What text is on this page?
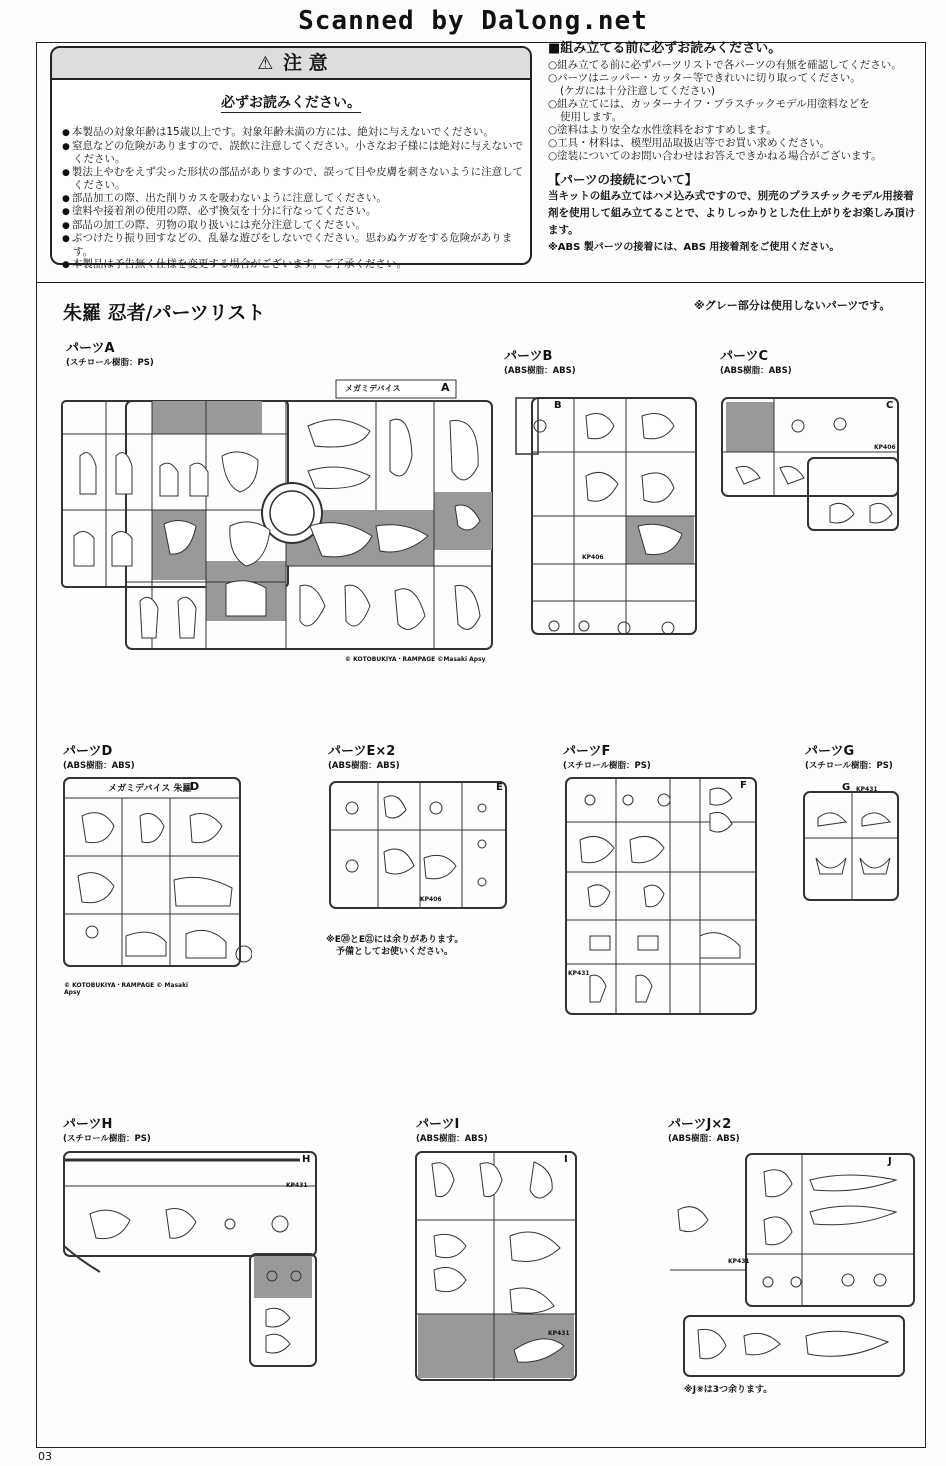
Scanned by Dalong.net
⚠ 注 意
必ずお読みください。
● 本製品の対象年齢は15歳以上です。対象年齢未満の方には、絶対に与えないでください。
● 窒息などの危険がありますので、誤飲に注意してください。小さなお子様には絶対に与えないでください。
● 製法上やむをえず尖った形状の部品がありますので、誤って目や皮膚を刺さないように注意してください。
● 部品加工の際、出た削りカスを吸わないように注意してください。
● 塗料や接着剤の使用の際、必ず換気を十分に行なってください。
● 部品の加工の際、刃物の取り扱いには充分注意してください。
● ぶつけたり振り回すなどの、乱暴な遊びをしないでください。思わぬケガをする危険があります。
● 本製品は予告無く仕様を変更する場合がございます。ご了承ください。
■組み立てる前に必ずお読みください。
○ 組み立てる前に必ずパーツリストで各パーツの有無を確認してください。
○ パーツはニッパー・カッター等できれいに切り取ってください。
(ケガには十分注意してください)
○ 組み立てには、カッターナイフ・プラスチックモデル用塗料などを
使用します。
○ 塗料はより安全な水性塗料をおすすめします。
○ 工具・材料は、模型用品取扱店等でお買い求めください。
○ 塗装についてのお問い合わせはお答えできかねる場合がございます。
【パーツの接続について】
当キットの組み立てはハメ込み式ですので、別売のプラスチックモデル用接着剤を使用して組み立てることで、よりしっかりとした仕上がりをお楽しみ頂けます。
※ABS 製パーツの接着には、ABS 用接着剤をご使用ください。
朱羅 忍者/パーツリスト	※グレー部分は使用しないパーツです。
パーツA
(スチロール樹脂：PS)	パーツB
(ABS樹脂：ABS)
パーツC
(ABS樹脂：ABS)
パーツD
(ABS樹脂：ABS)
パーツE×2
(ABS樹脂：ABS)
パーツF
(スチロール樹脂：PS)
パーツG
(スチロール樹脂：PS)
パーツH
(スチロール樹脂：PS)
パーツI
(ABS樹脂：ABS)
パーツJ×2
(ABS樹脂：ABS)
メガミデバイス	A
© KOTOBUKIYA・RAMPAGE ©Masaki Apsy
B
KP406
C
KP406
メガミデバイス 朱羅
D
© KOTOBUKIYA・RAMPAGE © Masaki Apsy
E
KP406
※E⑳とE㉑には余りがあります。
予備としてお使いください。
F
KP431
G KP431
H
KP431
I
KP431
J
KP431
※J⑧は3つ余ります。
03
